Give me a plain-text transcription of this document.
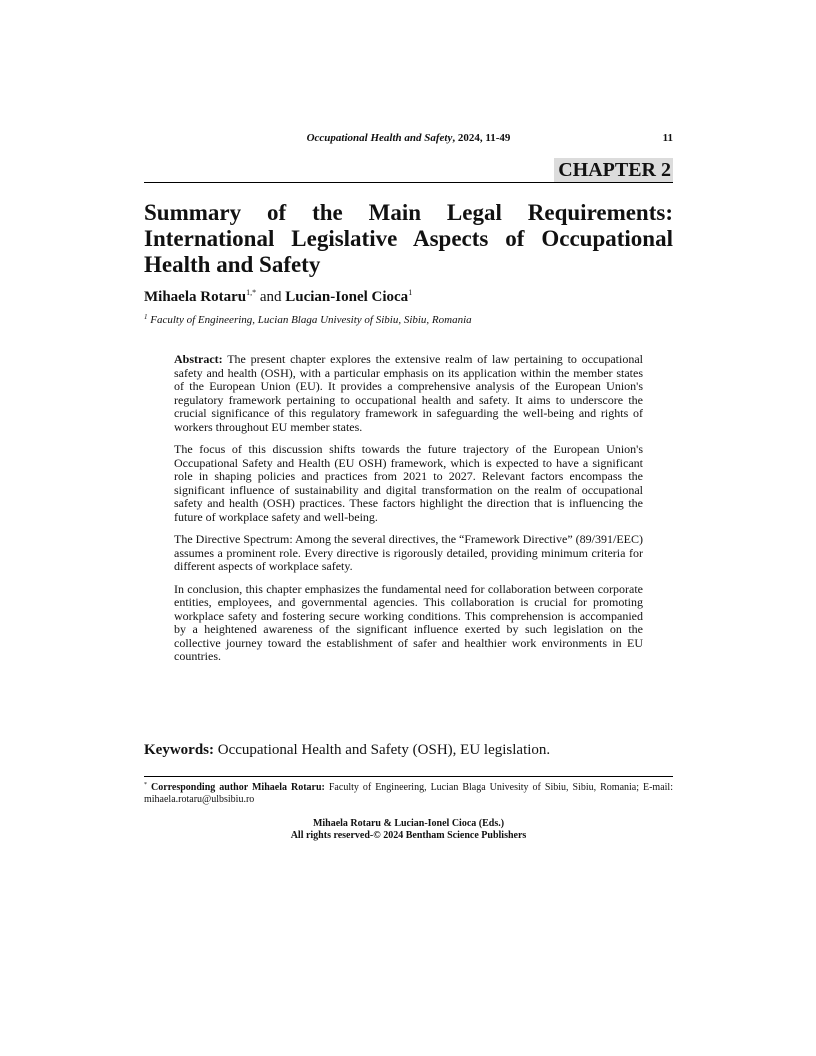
Occupational Health and Safety, 2024, 11-49	11
CHAPTER 2
Summary of the Main Legal Requirements:
International Legislative Aspects of Occupational
Health and Safety
Mihaela Rotaru$^{1,*}$ and Lucian-Ionel Cioca$^1$
$^1$ Faculty of Engineering, Lucian Blaga Univesity of Sibiu, Sibiu, Romania

Abstract: The present chapter explores the extensive realm of law pertaining to occupational safety and health (OSH), with a particular emphasis on its application within the member states of the European Union (EU). It provides a comprehensive analysis of the European Union's regulatory framework pertaining to occupational health and safety. It aims to underscore the crucial significance of this regulatory framework in safeguarding the well-being and rights of workers throughout EU member states.

The focus of this discussion shifts towards the future trajectory of the European Union's Occupational Safety and Health (EU OSH) framework, which is expected to have a significant role in shaping policies and practices from 2021 to 2027. Relevant factors encompass the significant influence of sustainability and digital transformation on the realm of occupational safety and health (OSH) practices. These factors highlight the direction that is influencing the future of workplace safety and well-being.

The Directive Spectrum: Among the several directives, the “Framework Directive” (89/391/EEC) assumes a prominent role. Every directive is rigorously detailed, providing minimum criteria for different aspects of workplace safety.

In conclusion, this chapter emphasizes the fundamental need for collaboration between corporate entities, employees, and governmental agencies. This collaboration is crucial for promoting workplace safety and fostering secure working conditions. This comprehension is accompanied by a heightened awareness of the significant influence exerted by such legislation on the collective journey toward the establishment of safer and healthier work environments in EU countries.

Keywords: Occupational Health and Safety (OSH), EU legislation.
* Corresponding author Mihaela Rotaru: Faculty of Engineering, Lucian Blaga Univesity of Sibiu, Sibiu, Romania; E-mail: mihaela.rotaru@ulbsibiu.ro
Mihaela Rotaru & Lucian-Ionel Cioca (Eds.)
All rights reserved-© 2024 Bentham Science Publishers
